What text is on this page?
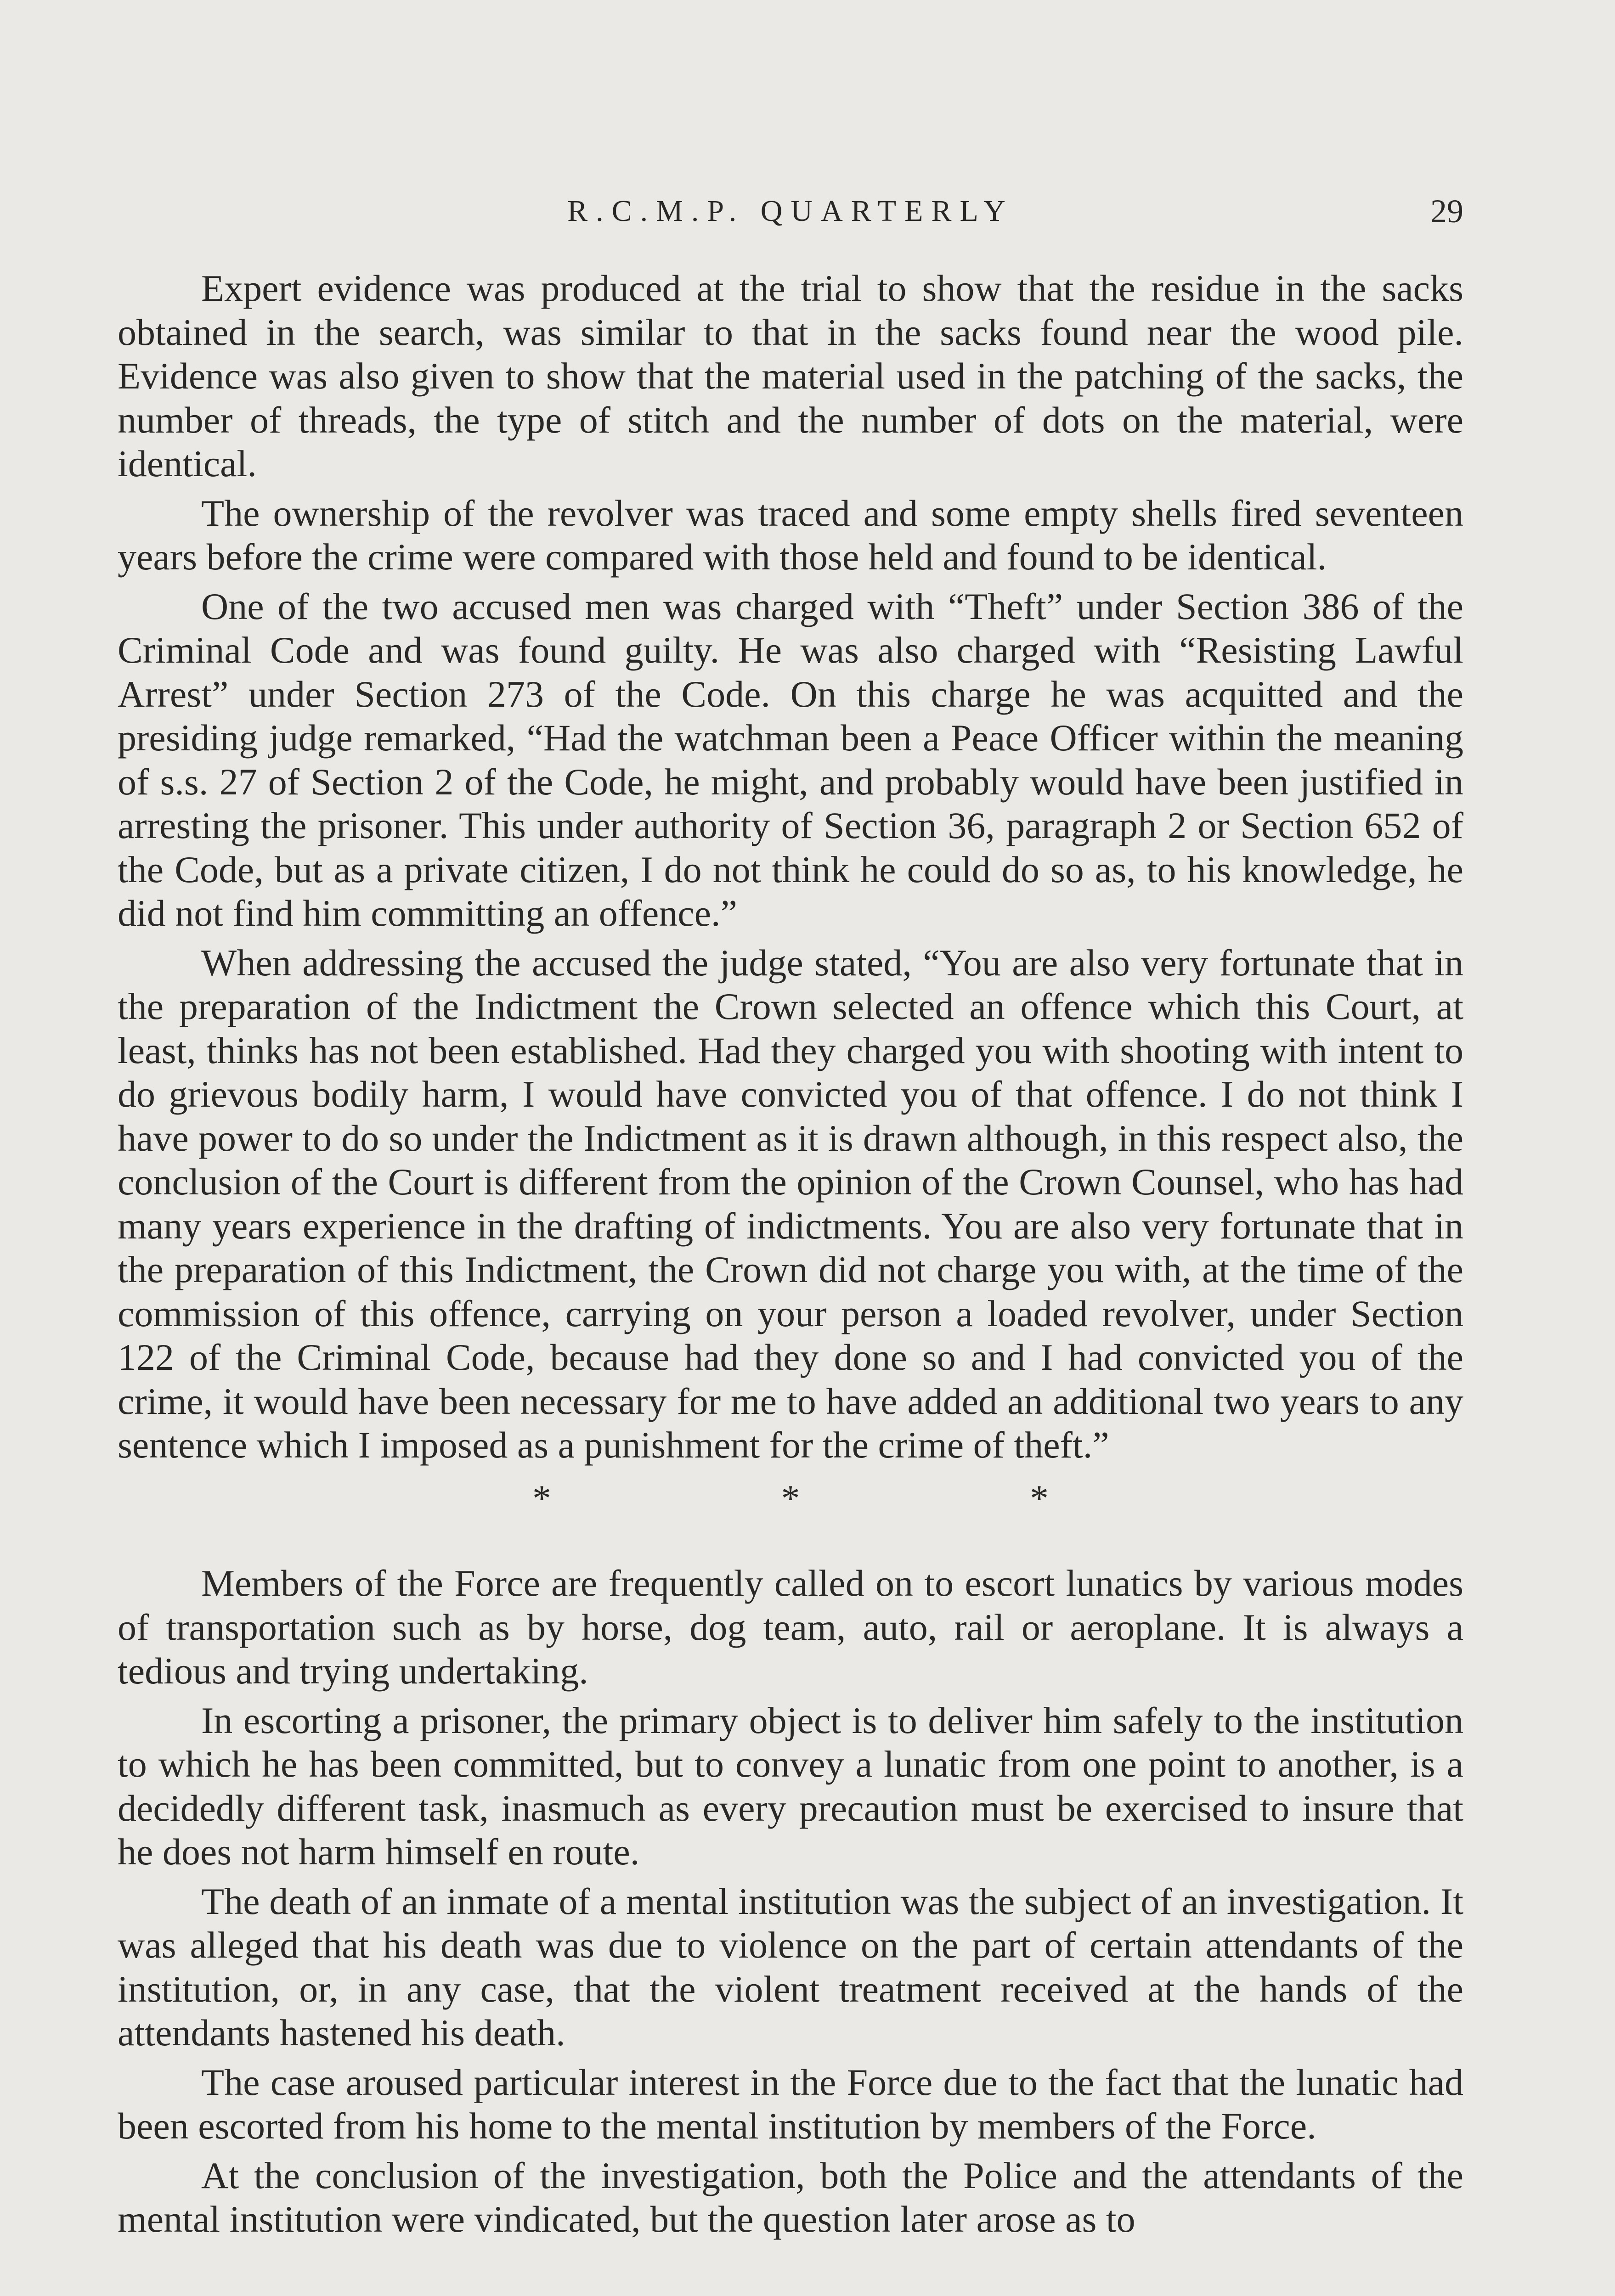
R.C.M.P. QUARTERLY	29

Expert evidence was produced at the trial to show that the residue in the sacks obtained in the search, was similar to that in the sacks found near the wood pile. Evidence was also given to show that the material used in the patching of the sacks, the number of threads, the type of stitch and the number of dots on the material, were identical.

The ownership of the revolver was traced and some empty shells fired seventeen years before the crime were compared with those held and found to be identical.

One of the two accused men was charged with “Theft” under Section 386 of the Criminal Code and was found guilty. He was also charged with “Resisting Lawful Arrest” under Section 273 of the Code. On this charge he was acquitted and the presiding judge remarked, “Had the watchman been a Peace Officer within the meaning of s.s. 27 of Section 2 of the Code, he might, and probably would have been justified in arresting the prisoner. This under authority of Section 36, paragraph 2 or Section 652 of the Code, but as a private citizen, I do not think he could do so as, to his knowledge, he did not find him committing an offence.”

When addressing the accused the judge stated, “You are also very fortunate that in the preparation of the Indictment the Crown selected an offence which this Court, at least, thinks has not been established. Had they charged you with shooting with intent to do grievous bodily harm, I would have convicted you of that offence. I do not think I have power to do so under the Indictment as it is drawn although, in this respect also, the conclusion of the Court is different from the opinion of the Crown Counsel, who has had many years experience in the drafting of indictments. You are also very fortunate that in the preparation of this Indictment, the Crown did not charge you with, at the time of the commission of this offence, carrying on your person a loaded revolver, under Section 122 of the Criminal Code, because had they done so and I had convicted you of the crime, it would have been necessary for me to have added an additional two years to any sentence which I imposed as a punishment for the crime of theft.”

* * *

Members of the Force are frequently called on to escort lunatics by various modes of transportation such as by horse, dog team, auto, rail or aeroplane. It is always a tedious and trying undertaking.

In escorting a prisoner, the primary object is to deliver him safely to the institution to which he has been committed, but to convey a lunatic from one point to another, is a decidedly different task, inasmuch as every precaution must be exercised to insure that he does not harm himself en route.

The death of an inmate of a mental institution was the subject of an investigation. It was alleged that his death was due to violence on the part of certain attendants of the institution, or, in any case, that the violent treatment received at the hands of the attendants hastened his death.

The case aroused particular interest in the Force due to the fact that the lunatic had been escorted from his home to the mental institution by members of the Force.

At the conclusion of the investigation, both the Police and the attendants of the mental institution were vindicated, but the question later arose as to
